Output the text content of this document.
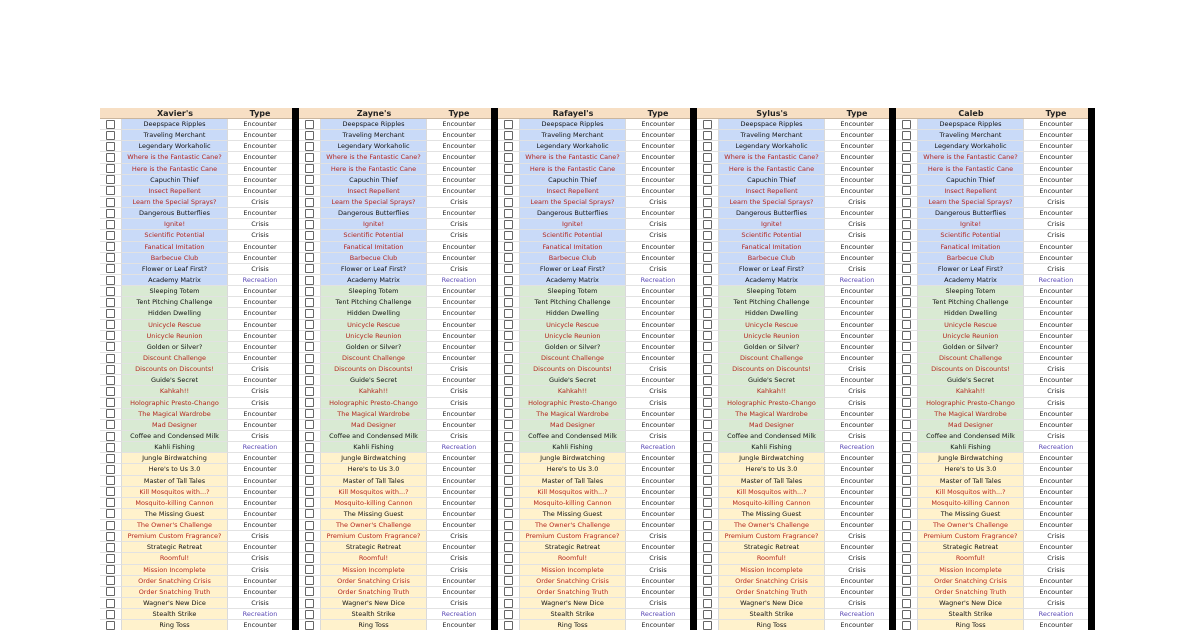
Xavier's	Type
Deepspace Ripples	Encounter
Traveling Merchant	Encounter
Legendary Workaholic	Encounter
Where is the Fantastic Cane?	Encounter
Here is the Fantastic Cane	Encounter
Capuchin Thief	Encounter
Insect Repellent	Encounter
Learn the Special Sprays?	Crisis
Dangerous Butterflies	Encounter
Ignite!	Crisis
Scientific Potential	Crisis
Fanatical Imitation	Encounter
Barbecue Club	Encounter
Flower or Leaf First?	Crisis
Academy Matrix	Recreation
Sleeping Totem	Encounter
Tent Pitching Challenge	Encounter
Hidden Dwelling	Encounter
Unicycle Rescue	Encounter
Unicycle Reunion	Encounter
Golden or Silver?	Encounter
Discount Challenge	Encounter
Discounts on Discounts!	Crisis
Guide's Secret	Encounter
Kahkah!!	Crisis
Holographic Presto-Chango	Crisis
The Magical Wardrobe	Encounter
Mad Designer	Encounter
Coffee and Condensed Milk	Crisis
Kahli Fishing	Recreation
Jungle Birdwatching	Encounter
Here's to Us 3.0	Encounter
Master of Tall Tales	Encounter
Kill Mosquitos with...?	Encounter
Mosquito-killing Cannon	Encounter
The Missing Guest	Encounter
The Owner's Challenge	Encounter
Premium Custom Fragrance?	Crisis
Strategic Retreat	Encounter
Roomful!	Crisis
Mission Incomplete	Crisis
Order Snatching Crisis	Encounter
Order Snatching Truth	Encounter
Wagner's New Dice	Crisis
Stealth Strike	Recreation
Ring Toss	Encounter
Zayne's	Type
Deepspace Ripples	Encounter
Traveling Merchant	Encounter
Legendary Workaholic	Encounter
Where is the Fantastic Cane?	Encounter
Here is the Fantastic Cane	Encounter
Capuchin Thief	Encounter
Insect Repellent	Encounter
Learn the Special Sprays?	Crisis
Dangerous Butterflies	Encounter
Ignite!	Crisis
Scientific Potential	Crisis
Fanatical Imitation	Encounter
Barbecue Club	Encounter
Flower or Leaf First?	Crisis
Academy Matrix	Recreation
Sleeping Totem	Encounter
Tent Pitching Challenge	Encounter
Hidden Dwelling	Encounter
Unicycle Rescue	Encounter
Unicycle Reunion	Encounter
Golden or Silver?	Encounter
Discount Challenge	Encounter
Discounts on Discounts!	Crisis
Guide's Secret	Encounter
Kahkah!!	Crisis
Holographic Presto-Chango	Crisis
The Magical Wardrobe	Encounter
Mad Designer	Encounter
Coffee and Condensed Milk	Crisis
Kahli Fishing	Recreation
Jungle Birdwatching	Encounter
Here's to Us 3.0	Encounter
Master of Tall Tales	Encounter
Kill Mosquitos with...?	Encounter
Mosquito-killing Cannon	Encounter
The Missing Guest	Encounter
The Owner's Challenge	Encounter
Premium Custom Fragrance?	Crisis
Strategic Retreat	Encounter
Roomful!	Crisis
Mission Incomplete	Crisis
Order Snatching Crisis	Encounter
Order Snatching Truth	Encounter
Wagner's New Dice	Crisis
Stealth Strike	Recreation
Ring Toss	Encounter
Rafayel's	Type
Deepspace Ripples	Encounter
Traveling Merchant	Encounter
Legendary Workaholic	Encounter
Where is the Fantastic Cane?	Encounter
Here is the Fantastic Cane	Encounter
Capuchin Thief	Encounter
Insect Repellent	Encounter
Learn the Special Sprays?	Crisis
Dangerous Butterflies	Encounter
Ignite!	Crisis
Scientific Potential	Crisis
Fanatical Imitation	Encounter
Barbecue Club	Encounter
Flower or Leaf First?	Crisis
Academy Matrix	Recreation
Sleeping Totem	Encounter
Tent Pitching Challenge	Encounter
Hidden Dwelling	Encounter
Unicycle Rescue	Encounter
Unicycle Reunion	Encounter
Golden or Silver?	Encounter
Discount Challenge	Encounter
Discounts on Discounts!	Crisis
Guide's Secret	Encounter
Kahkah!!	Crisis
Holographic Presto-Chango	Crisis
The Magical Wardrobe	Encounter
Mad Designer	Encounter
Coffee and Condensed Milk	Crisis
Kahli Fishing	Recreation
Jungle Birdwatching	Encounter
Here's to Us 3.0	Encounter
Master of Tall Tales	Encounter
Kill Mosquitos with...?	Encounter
Mosquito-killing Cannon	Encounter
The Missing Guest	Encounter
The Owner's Challenge	Encounter
Premium Custom Fragrance?	Crisis
Strategic Retreat	Encounter
Roomful!	Crisis
Mission Incomplete	Crisis
Order Snatching Crisis	Encounter
Order Snatching Truth	Encounter
Wagner's New Dice	Crisis
Stealth Strike	Recreation
Ring Toss	Encounter
Sylus's	Type
Deepspace Ripples	Encounter
Traveling Merchant	Encounter
Legendary Workaholic	Encounter
Where is the Fantastic Cane?	Encounter
Here is the Fantastic Cane	Encounter
Capuchin Thief	Encounter
Insect Repellent	Encounter
Learn the Special Sprays?	Crisis
Dangerous Butterflies	Encounter
Ignite!	Crisis
Scientific Potential	Crisis
Fanatical Imitation	Encounter
Barbecue Club	Encounter
Flower or Leaf First?	Crisis
Academy Matrix	Recreation
Sleeping Totem	Encounter
Tent Pitching Challenge	Encounter
Hidden Dwelling	Encounter
Unicycle Rescue	Encounter
Unicycle Reunion	Encounter
Golden or Silver?	Encounter
Discount Challenge	Encounter
Discounts on Discounts!	Crisis
Guide's Secret	Encounter
Kahkah!!	Crisis
Holographic Presto-Chango	Crisis
The Magical Wardrobe	Encounter
Mad Designer	Encounter
Coffee and Condensed Milk	Crisis
Kahli Fishing	Recreation
Jungle Birdwatching	Encounter
Here's to Us 3.0	Encounter
Master of Tall Tales	Encounter
Kill Mosquitos with...?	Encounter
Mosquito-killing Cannon	Encounter
The Missing Guest	Encounter
The Owner's Challenge	Encounter
Premium Custom Fragrance?	Crisis
Strategic Retreat	Encounter
Roomful!	Crisis
Mission Incomplete	Crisis
Order Snatching Crisis	Encounter
Order Snatching Truth	Encounter
Wagner's New Dice	Crisis
Stealth Strike	Recreation
Ring Toss	Encounter
Caleb	Type
Deepspace Ripples	Encounter
Traveling Merchant	Encounter
Legendary Workaholic	Encounter
Where is the Fantastic Cane?	Encounter
Here is the Fantastic Cane	Encounter
Capuchin Thief	Encounter
Insect Repellent	Encounter
Learn the Special Sprays?	Crisis
Dangerous Butterflies	Encounter
Ignite!	Crisis
Scientific Potential	Crisis
Fanatical Imitation	Encounter
Barbecue Club	Encounter
Flower or Leaf First?	Crisis
Academy Matrix	Recreation
Sleeping Totem	Encounter
Tent Pitching Challenge	Encounter
Hidden Dwelling	Encounter
Unicycle Rescue	Encounter
Unicycle Reunion	Encounter
Golden or Silver?	Encounter
Discount Challenge	Encounter
Discounts on Discounts!	Crisis
Guide's Secret	Encounter
Kahkah!!	Crisis
Holographic Presto-Chango	Crisis
The Magical Wardrobe	Encounter
Mad Designer	Encounter
Coffee and Condensed Milk	Crisis
Kahli Fishing	Recreation
Jungle Birdwatching	Encounter
Here's to Us 3.0	Encounter
Master of Tall Tales	Encounter
Kill Mosquitos with...?	Encounter
Mosquito-killing Cannon	Encounter
The Missing Guest	Encounter
The Owner's Challenge	Encounter
Premium Custom Fragrance?	Crisis
Strategic Retreat	Encounter
Roomful!	Crisis
Mission Incomplete	Crisis
Order Snatching Crisis	Encounter
Order Snatching Truth	Encounter
Wagner's New Dice	Crisis
Stealth Strike	Recreation
Ring Toss	Encounter
